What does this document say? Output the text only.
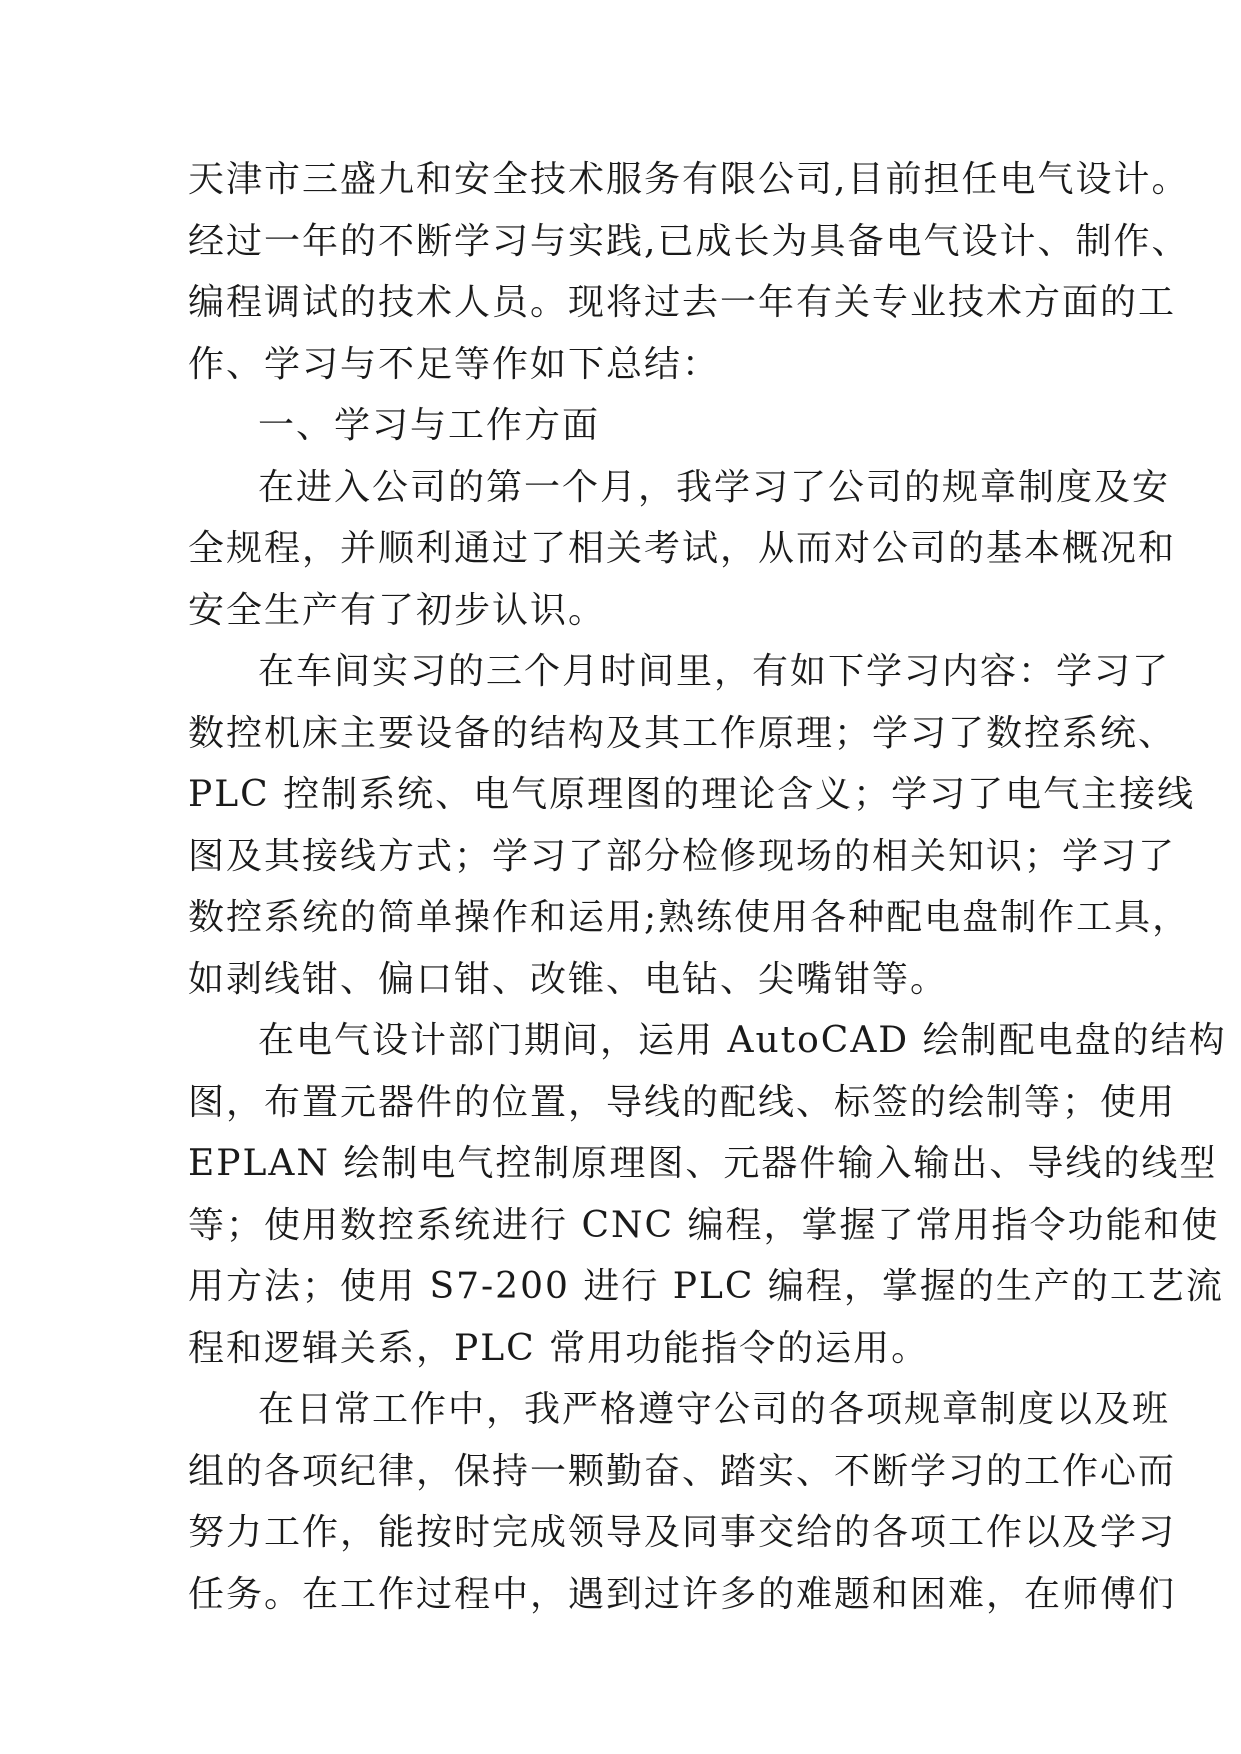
天津市三盛九和安全技术服务有限公司,目前担任电气设计。
经过一年的不断学习与实践,已成长为具备电气设计、制作、
编程调试的技术人员。现将过去一年有关专业技术方面的工
作、学习与不足等作如下总结：
一、学习与工作方面
在进入公司的第一个月，我学习了公司的规章制度及安
全规程，并顺利通过了相关考试，从而对公司的基本概况和
安全生产有了初步认识。
在车间实习的三个月时间里，有如下学习内容：学习了
数控机床主要设备的结构及其工作原理；学习了数控系统、
PLC 控制系统、电气原理图的理论含义；学习了电气主接线
图及其接线方式；学习了部分检修现场的相关知识；学习了
数控系统的简单操作和运用;熟练使用各种配电盘制作工具，
如剥线钳、偏口钳、改锥、电钻、尖嘴钳等。
在电气设计部门期间，运用 AutoCAD 绘制配电盘的结构
图，布置元器件的位置，导线的配线、标签的绘制等；使用
EPLAN 绘制电气控制原理图、元器件输入输出、导线的线型
等；使用数控系统进行 CNC 编程，掌握了常用指令功能和使
用方法；使用 S7-200 进行 PLC 编程，掌握的生产的工艺流
程和逻辑关系，PLC 常用功能指令的运用。
在日常工作中，我严格遵守公司的各项规章制度以及班
组的各项纪律，保持一颗勤奋、踏实、不断学习的工作心而
努力工作，能按时完成领导及同事交给的各项工作以及学习
任务。在工作过程中，遇到过许多的难题和困难，在师傅们
